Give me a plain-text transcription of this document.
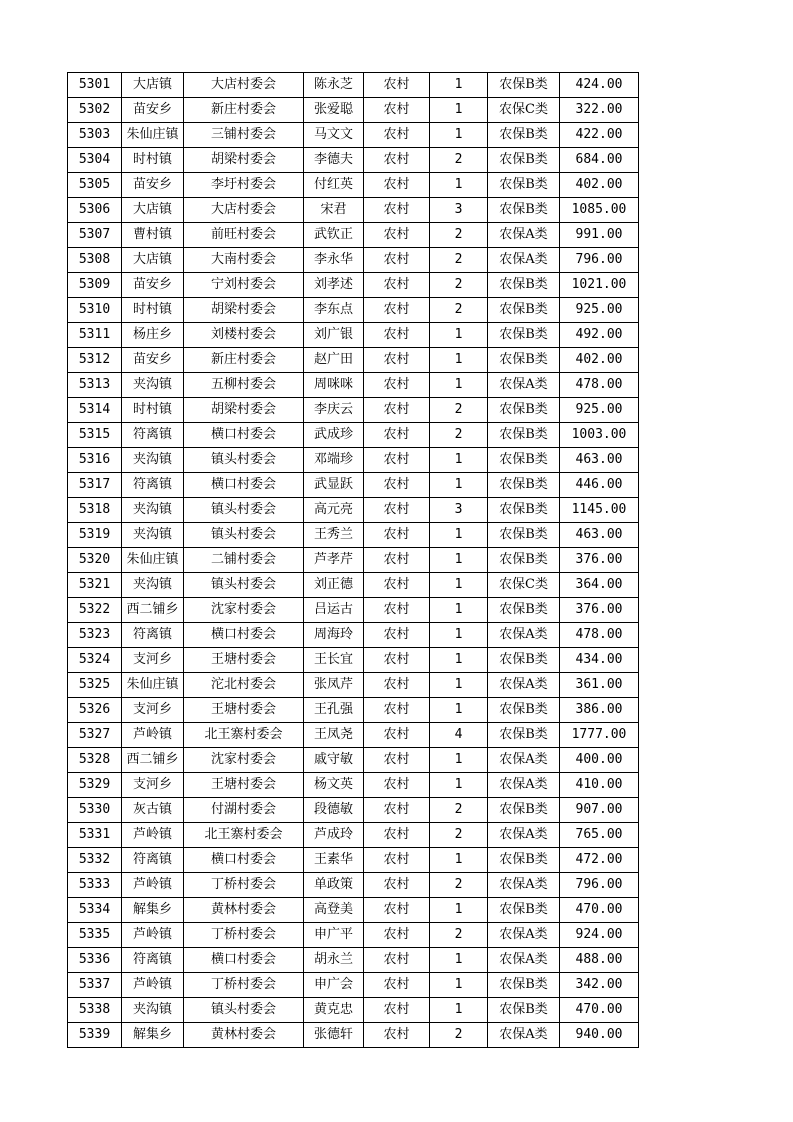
5301	大店镇	大店村委会	陈永芝	农村	1	农保B类	424.00
5302	苗安乡	新庄村委会	张爱聪	农村	1	农保C类	322.00
5303	朱仙庄镇	三铺村委会	马文文	农村	1	农保B类	422.00
5304	时村镇	胡梁村委会	李德夫	农村	2	农保B类	684.00
5305	苗安乡	李圩村委会	付红英	农村	1	农保B类	402.00
5306	大店镇	大店村委会	宋君	农村	3	农保B类	1085.00
5307	曹村镇	前旺村委会	武钦正	农村	2	农保A类	991.00
5308	大店镇	大南村委会	李永华	农村	2	农保A类	796.00
5309	苗安乡	宁刘村委会	刘孝述	农村	2	农保B类	1021.00
5310	时村镇	胡梁村委会	李东点	农村	2	农保B类	925.00
5311	杨庄乡	刘楼村委会	刘广银	农村	1	农保B类	492.00
5312	苗安乡	新庄村委会	赵广田	农村	1	农保B类	402.00
5313	夹沟镇	五柳村委会	周咪咪	农村	1	农保A类	478.00
5314	时村镇	胡梁村委会	李庆云	农村	2	农保B类	925.00
5315	符离镇	横口村委会	武成珍	农村	2	农保B类	1003.00
5316	夹沟镇	镇头村委会	邓端珍	农村	1	农保B类	463.00
5317	符离镇	横口村委会	武显跃	农村	1	农保B类	446.00
5318	夹沟镇	镇头村委会	高元亮	农村	3	农保B类	1145.00
5319	夹沟镇	镇头村委会	王秀兰	农村	1	农保B类	463.00
5320	朱仙庄镇	二铺村委会	芦孝芹	农村	1	农保B类	376.00
5321	夹沟镇	镇头村委会	刘正德	农村	1	农保C类	364.00
5322	西二铺乡	沈家村委会	吕运古	农村	1	农保B类	376.00
5323	符离镇	横口村委会	周海玲	农村	1	农保A类	478.00
5324	支河乡	王塘村委会	王长宜	农村	1	农保B类	434.00
5325	朱仙庄镇	沱北村委会	张凤芹	农村	1	农保A类	361.00
5326	支河乡	王塘村委会	王孔强	农村	1	农保B类	386.00
5327	芦岭镇	北王寨村委会	王凤尧	农村	4	农保B类	1777.00
5328	西二铺乡	沈家村委会	戚守敏	农村	1	农保A类	400.00
5329	支河乡	王塘村委会	杨文英	农村	1	农保A类	410.00
5330	灰古镇	付湖村委会	段德敏	农村	2	农保B类	907.00
5331	芦岭镇	北王寨村委会	芦成玲	农村	2	农保A类	765.00
5332	符离镇	横口村委会	王素华	农村	1	农保B类	472.00
5333	芦岭镇	丁桥村委会	单政策	农村	2	农保A类	796.00
5334	解集乡	黄林村委会	高登美	农村	1	农保B类	470.00
5335	芦岭镇	丁桥村委会	申广平	农村	2	农保A类	924.00
5336	符离镇	横口村委会	胡永兰	农村	1	农保A类	488.00
5337	芦岭镇	丁桥村委会	申广会	农村	1	农保B类	342.00
5338	夹沟镇	镇头村委会	黄克忠	农村	1	农保B类	470.00
5339	解集乡	黄林村委会	张德轩	农村	2	农保A类	940.00
